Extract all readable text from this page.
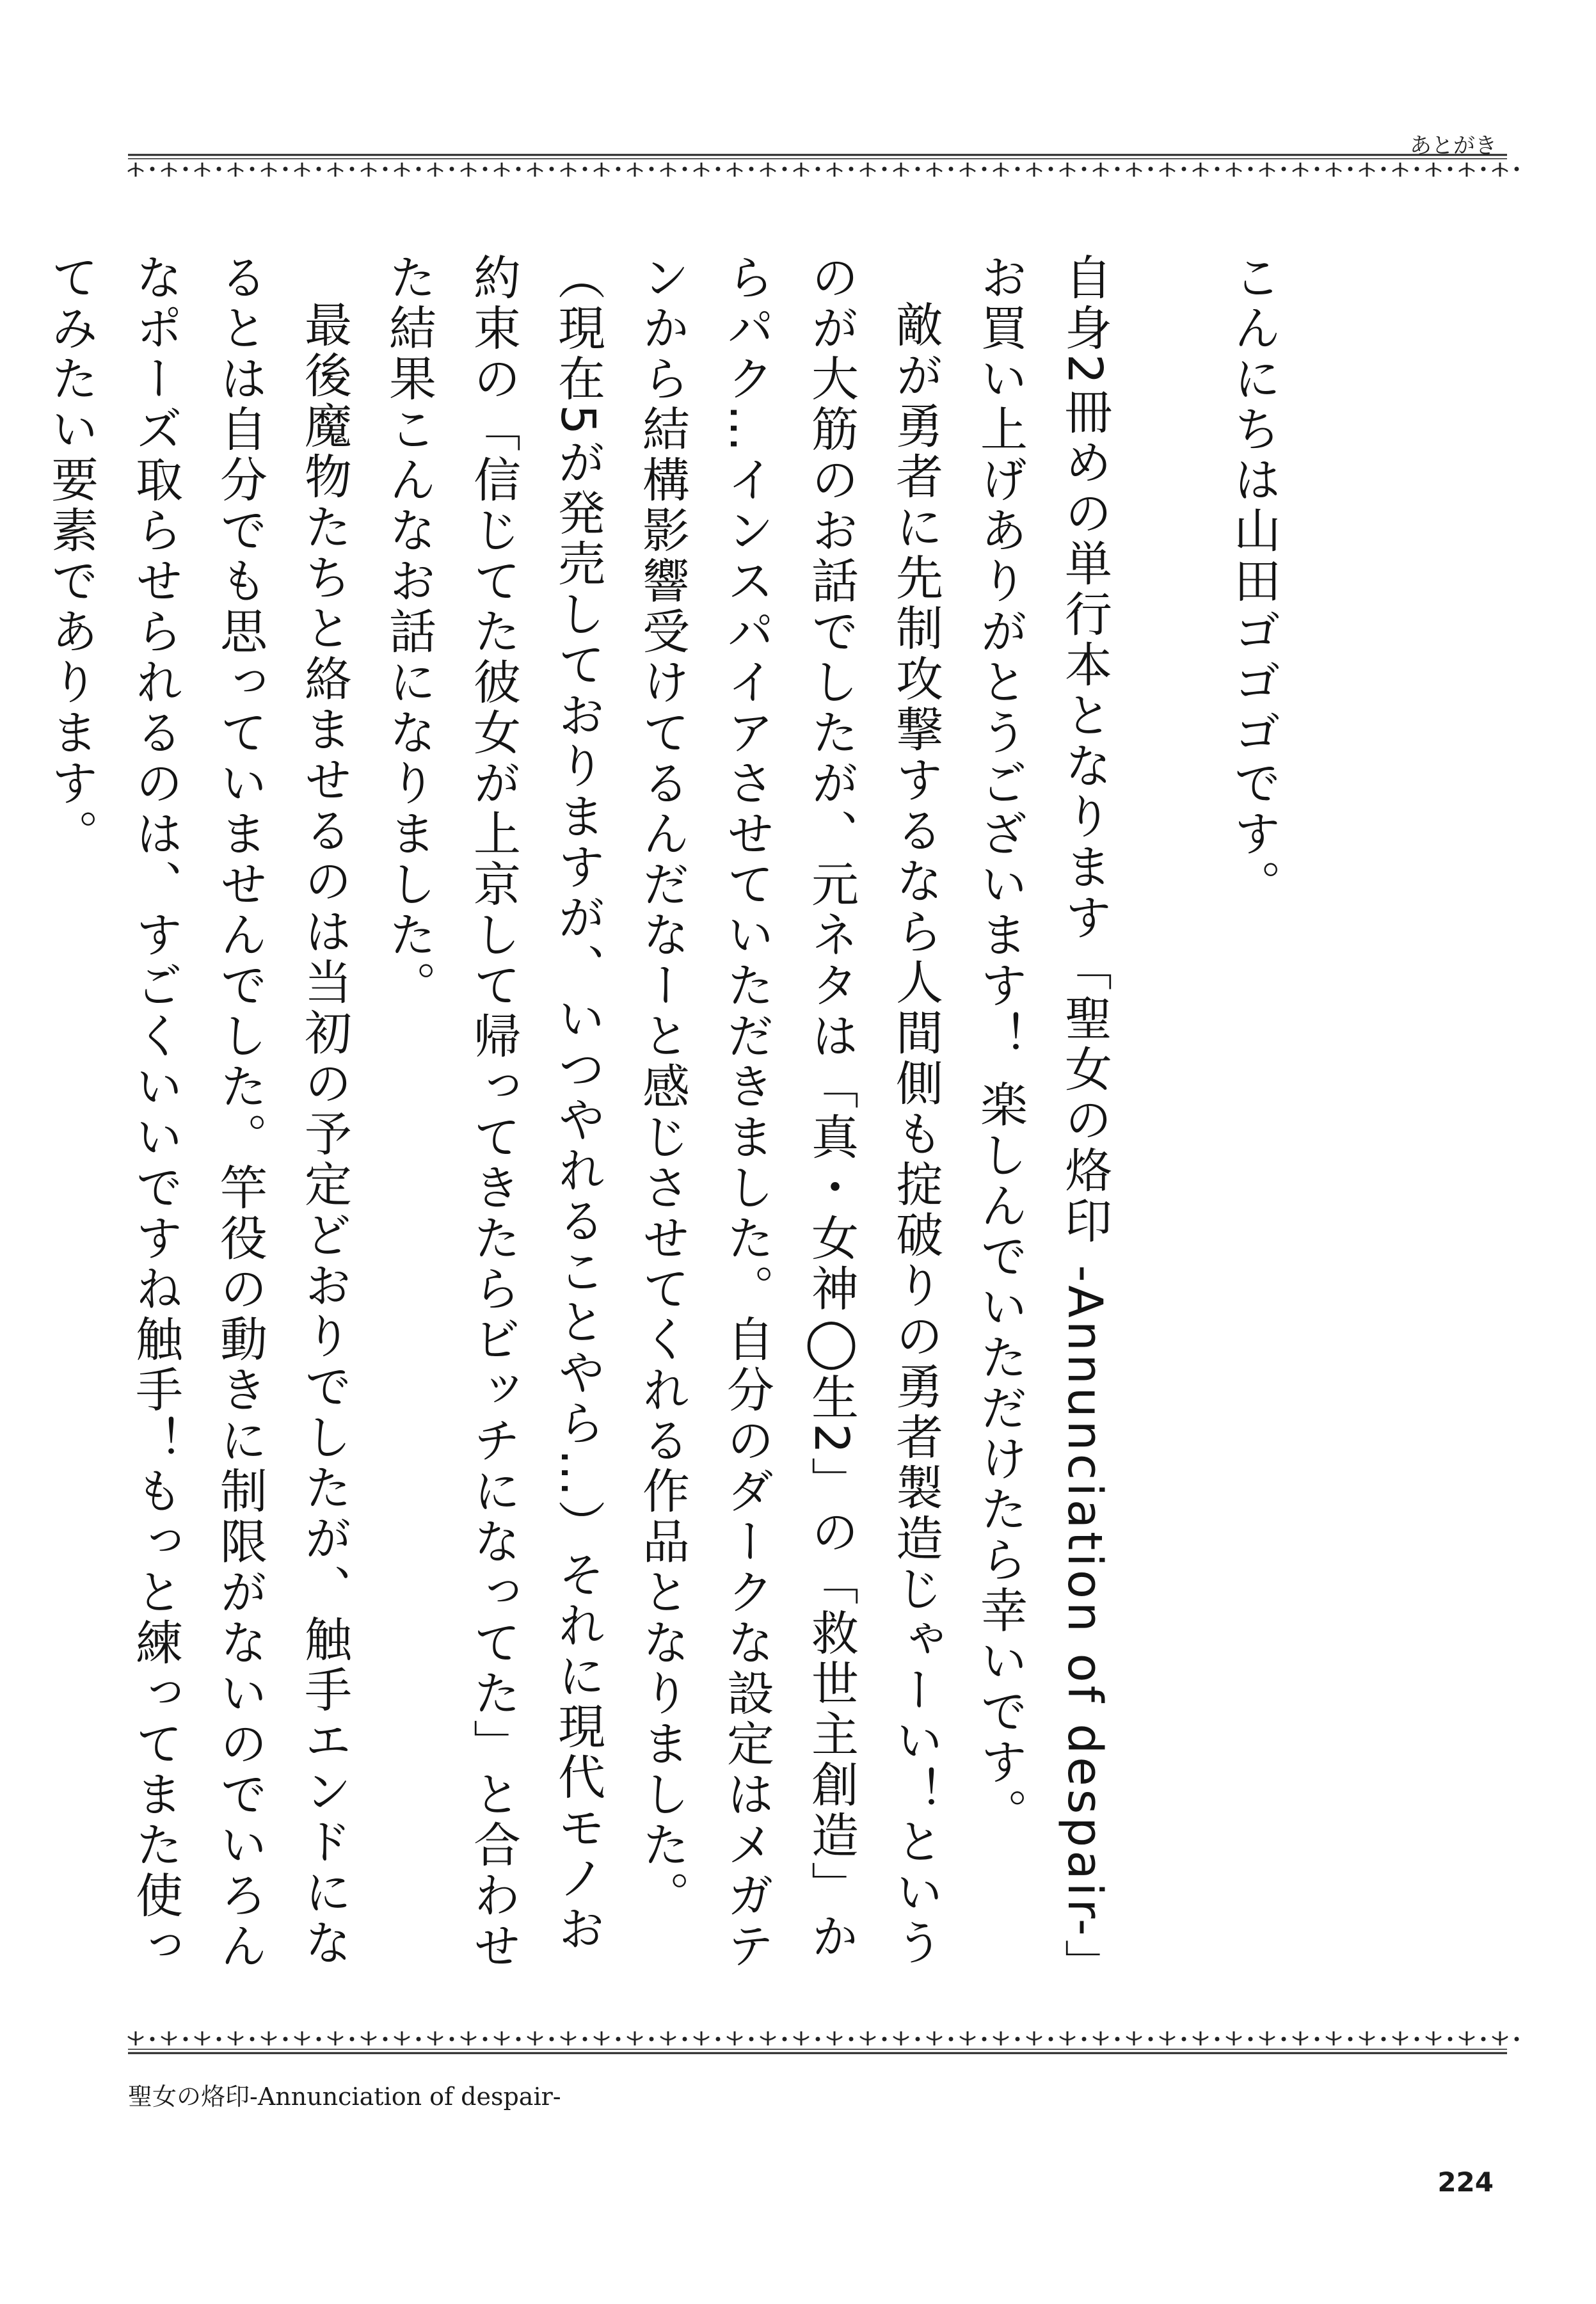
あとがき

こんにちは山田ゴゴゴです。

自身2冊めの単行本となります「聖女の烙印 -Annunciation of despair-」お買い上げありがとうございます！ 楽しんでいただけたら幸いです。

敵が勇者に先制攻撃するなら人間側も掟破りの勇者製造じゃーい！というのが大筋のお話でしたが、元ネタは「真・女神◯生2」の「救世主創造」からパク…インスパイアさせていただきました。自分のダークな設定はメガテンから結構影響受けてるんだなーと感じさせてくれる作品となりました。（現在5が発売しておりますが、いつやれることやら…）それに現代モノお約束の「信じてた彼女が上京して帰ってきたらビッチになってた」と合わせた結果こんなお話になりました。

最後魔物たちと絡ませるのは当初の予定どおりでしたが、触手エンドになるとは自分でも思っていませんでした。竿役の動きに制限がないのでいろんなポーズ取らせられるのは、すごくいいですね触手！もっと練ってまた使ってみたい要素であります。

聖女の烙印-Annunciation of despair-
224
